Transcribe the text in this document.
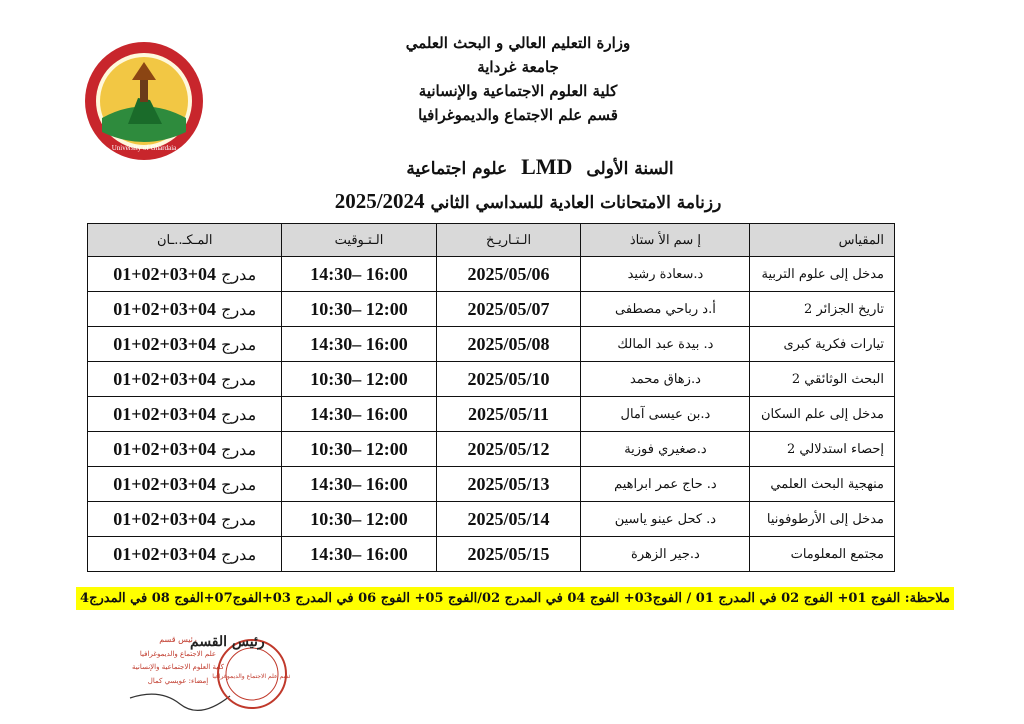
University of Ghardaia
وزارة التعليم العالي و البحث العلمي
جامعة غرداية
كلية العلوم الاجتماعية والإنسانية
قسم علم الاجتماع والديموغرافيا
السنة الأولى LMD علوم اجتماعية
رزنامة الامتحانات العادية للسداسي الثاني 2025/2024
المقياس	إ سم الأ ستاذ	الـتـاريـخ	الـتـوقيت	المـكـ..ـان
مدخل إلى علوم التربية	د.سعادة رشيد	2025/05/06	14:30– 16:00	مدرج 01+02+03+04
تاريخ الجزائر 2	أ.د رباحي مصطفى	2025/05/07	10:30– 12:00	مدرج 01+02+03+04
تيارات فكرية كبرى	د. بيدة عبد المالك	2025/05/08	14:30– 16:00	مدرج 01+02+03+04
البحث الوثائقي 2	د.زهاق محمد	2025/05/10	10:30– 12:00	مدرج 01+02+03+04
مدخل إلى علم السكان	د.بن عيسى آمال	2025/05/11	14:30– 16:00	مدرج 01+02+03+04
إحصاء استدلالي 2	د.صغيري فوزية	2025/05/12	10:30– 12:00	مدرج 01+02+03+04
منهجية البحث العلمي	د. حاج عمر ابراهيم	2025/05/13	14:30– 16:00	مدرج 01+02+03+04
مدخل إلى الأرطوفونيا	د. كحل عينو ياسين	2025/05/14	10:30– 12:00	مدرج 01+02+03+04
مجتمع المعلومات	د.جير الزهرة	2025/05/15	14:30– 16:00	مدرج 01+02+03+04
ملاحظة: الفوج 01+ الفوج 02 في المدرج 01 / الفوج03+ الفوج 04 في المدرج 02/الفوج 05+ الفوج 06 في المدرج 03+الفوج07+الفوج 08 في المدرج4
رئيس قسم
علم الاجتماع والديموغرافيا
كلية العلوم الاجتماعية والإنسانية
إمضاء: عويسي كمال
قسم علم الاجتماع والديموغرافيا
رئيس القسم
